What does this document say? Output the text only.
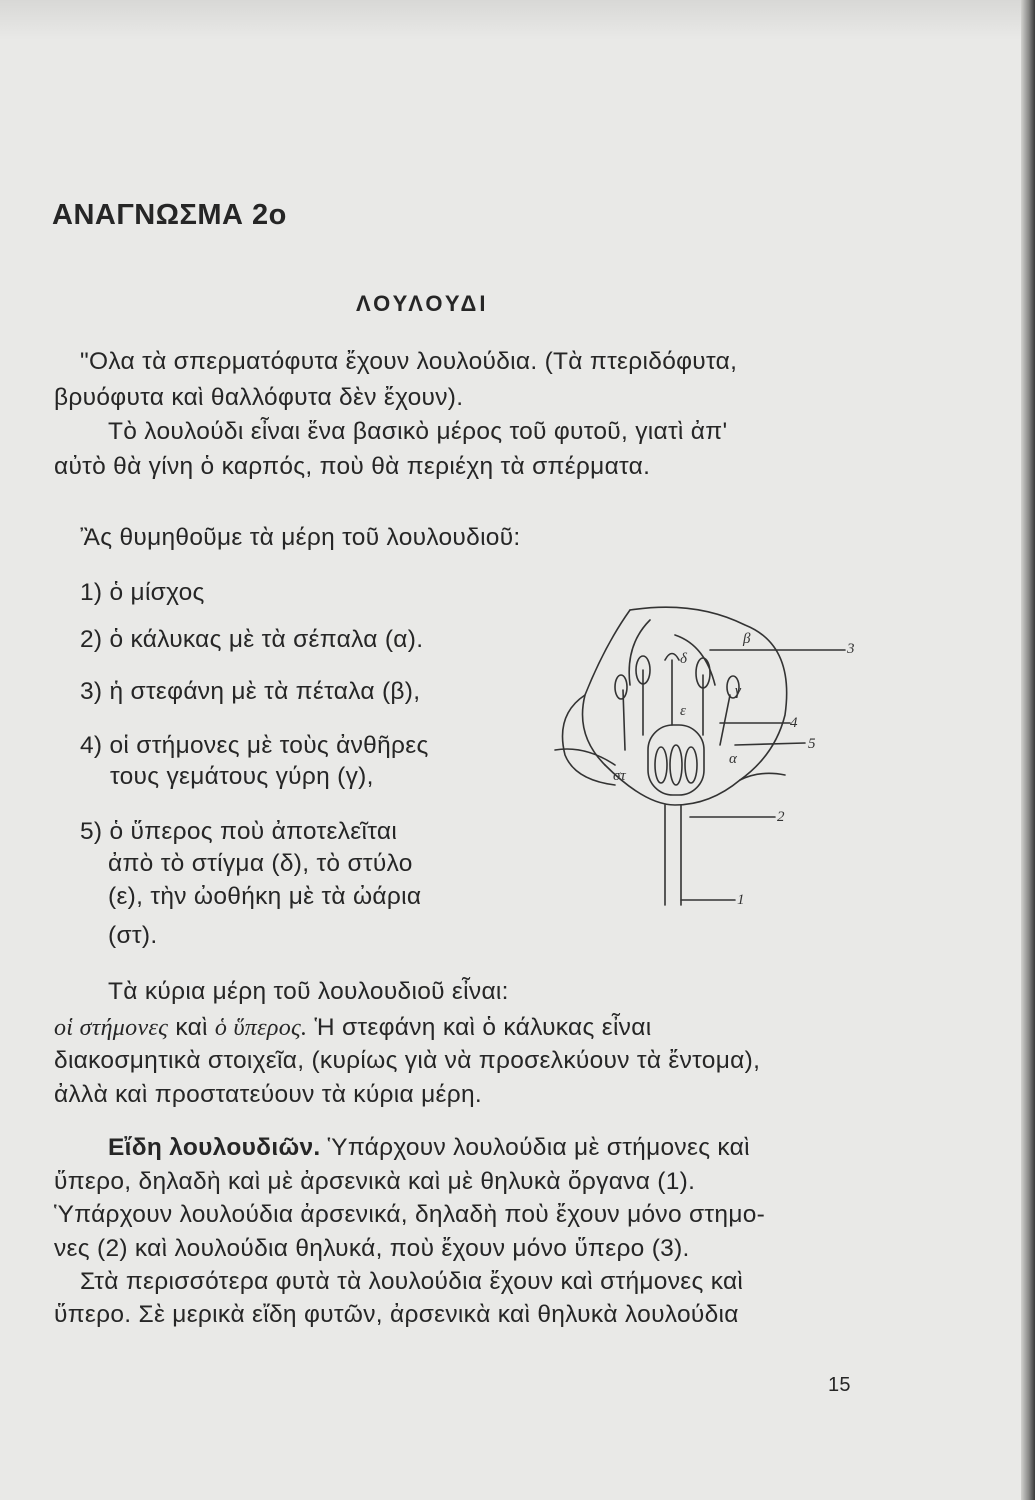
ΑΝΑΓΝΩΣΜΑ 2ο
ΛΟΥΛΟΥΔΙ
"Ολα τὰ σπερματόφυτα ἔχουν λουλούδια. (Τὰ πτεριδόφυτα,
βρυόφυτα καὶ θαλλόφυτα δὲν ἔχουν).
Τὸ λουλούδι εἶναι ἕνα βασικὸ μέρος τοῦ φυτοῦ, γιατὶ ἀπ'
αὐτὸ θὰ γίνη ὁ καρπός, ποὺ θὰ περιέχη τὰ σπέρματα.
Ἂς θυμηθοῦμε τὰ μέρη τοῦ λουλουδιοῦ:
1) ὁ μίσχος
2) ὁ κάλυκας μὲ τὰ σέπαλα (α).
3) ἡ στεφάνη μὲ τὰ πέταλα (β),
4) οἱ στήμονες μὲ τοὺς ἀνθῆρες
τους γεμάτους γύρη (γ),
5) ὁ ὕπερος ποὺ ἀποτελεῖται
ἀπὸ τὸ στίγμα (δ), τὸ στύλο
(ε), τὴν ὠοθήκη μὲ τὰ ὠάρια
(στ).
β
δ
γ
ε
στ
α
3
4
5
2
1
Τὰ κύρια μέρη τοῦ λουλουδιοῦ εἶναι:
οἱ στήμονες καὶ ὁ ὕπερος. Ἡ στεφάνη καὶ ὁ κάλυκας εἶναι
διακοσμητικὰ στοιχεῖα, (κυρίως γιὰ νὰ προσελκύουν τὰ ἔντομα),
ἀλλὰ καὶ προστατεύουν τὰ κύρια μέρη.
Εἴδη λουλουδιῶν. Ὑπάρχουν λουλούδια μὲ στήμονες καὶ
ὕπερο, δηλαδὴ καὶ μὲ ἀρσενικὰ καὶ μὲ θηλυκὰ ὄργανα (1).
Ὑπάρχουν λουλούδια ἀρσενικά, δηλαδὴ ποὺ ἔχουν μόνο στημο-
νες (2) καὶ λουλούδια θηλυκά, ποὺ ἔχουν μόνο ὕπερο (3).
Στὰ περισσότερα φυτὰ τὰ λουλούδια ἔχουν καὶ στήμονες καὶ
ὕπερο. Σὲ μερικὰ εἴδη φυτῶν, ἀρσενικὰ καὶ θηλυκὰ λουλούδια
15
